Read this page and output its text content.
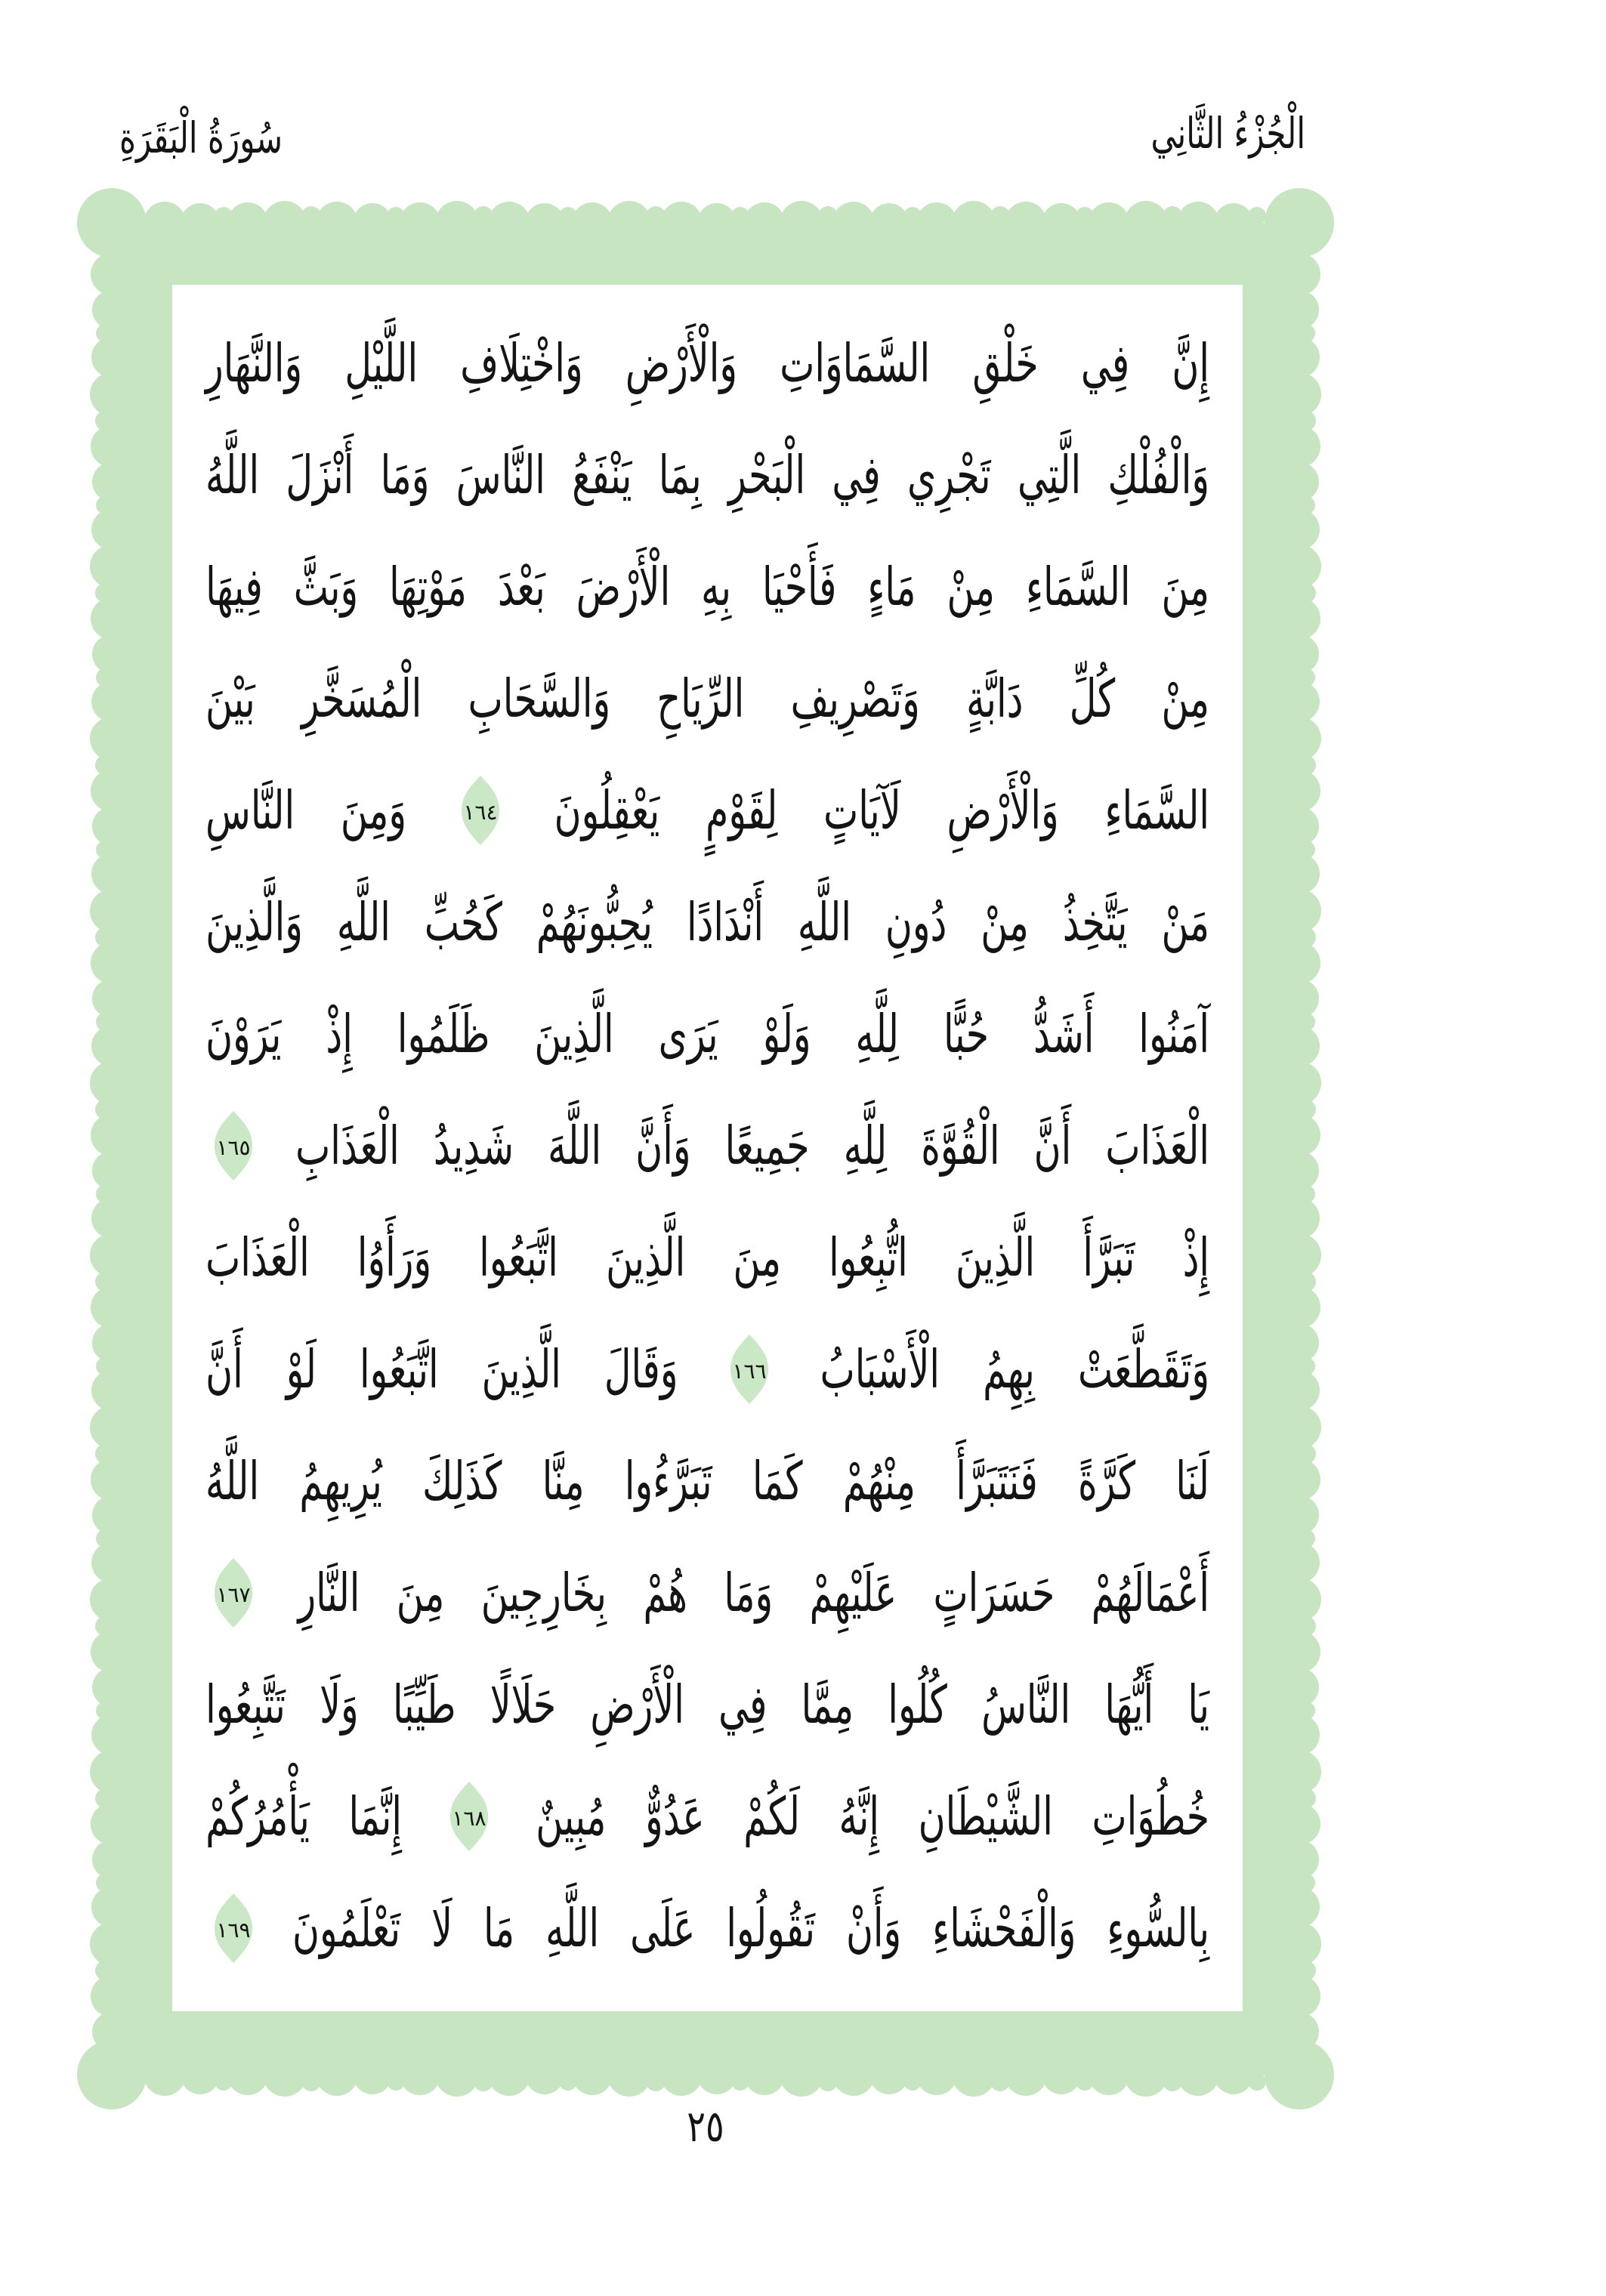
سُورَةُ الْبَقَرَةِ	الْجُزْءُ الثَّانِي
إِنَّ
فِي
خَلْقِ
السَّمَاوَاتِ
وَالْأَرْضِ
وَاخْتِلَافِ
اللَّيْلِ
وَالنَّهَارِ
وَالْفُلْكِ
الَّتِي
تَجْرِي
فِي
الْبَحْرِ
بِمَا
يَنْفَعُ
النَّاسَ
وَمَا
أَنْزَلَ
اللَّهُ
مِنَ
السَّمَاءِ
مِنْ
مَاءٍ
فَأَحْيَا
بِهِ
الْأَرْضَ
بَعْدَ
مَوْتِهَا
وَبَثَّ
فِيهَا
مِنْ
كُلِّ
دَابَّةٍ
وَتَصْرِيفِ
الرِّيَاحِ
وَالسَّحَابِ
الْمُسَخَّرِ
بَيْنَ
السَّمَاءِ
وَالْأَرْضِ
لَآيَاتٍ
لِقَوْمٍ
يَعْقِلُونَ
١٦٤
وَمِنَ
النَّاسِ
مَنْ
يَتَّخِذُ
مِنْ
دُونِ
اللَّهِ
أَنْدَادًا
يُحِبُّونَهُمْ
كَحُبِّ
اللَّهِ
وَالَّذِينَ
آمَنُوا
أَشَدُّ
حُبًّا
لِلَّهِ
وَلَوْ
يَرَى
الَّذِينَ
ظَلَمُوا
إِذْ
يَرَوْنَ
الْعَذَابَ
أَنَّ
الْقُوَّةَ
لِلَّهِ
جَمِيعًا
وَأَنَّ
اللَّهَ
شَدِيدُ
الْعَذَابِ
١٦٥
إِذْ
تَبَرَّأَ
الَّذِينَ
اتُّبِعُوا
مِنَ
الَّذِينَ
اتَّبَعُوا
وَرَأَوُا
الْعَذَابَ
وَتَقَطَّعَتْ
بِهِمُ
الْأَسْبَابُ
١٦٦
وَقَالَ
الَّذِينَ
اتَّبَعُوا
لَوْ
أَنَّ
لَنَا
كَرَّةً
فَنَتَبَرَّأَ
مِنْهُمْ
كَمَا
تَبَرَّءُوا
مِنَّا
كَذَلِكَ
يُرِيهِمُ
اللَّهُ
أَعْمَالَهُمْ
حَسَرَاتٍ
عَلَيْهِمْ
وَمَا
هُمْ
بِخَارِجِينَ
مِنَ
النَّارِ
١٦٧
يَا
أَيُّهَا
النَّاسُ
كُلُوا
مِمَّا
فِي
الْأَرْضِ
حَلَالًا
طَيِّبًا
وَلَا
تَتَّبِعُوا
خُطُوَاتِ
الشَّيْطَانِ
إِنَّهُ
لَكُمْ
عَدُوٌّ
مُبِينٌ
١٦٨
إِنَّمَا
يَأْمُرُكُمْ
بِالسُّوءِ
وَالْفَحْشَاءِ
وَأَنْ
تَقُولُوا
عَلَى
اللَّهِ
مَا
لَا
تَعْلَمُونَ
١٦٩
٢٥
